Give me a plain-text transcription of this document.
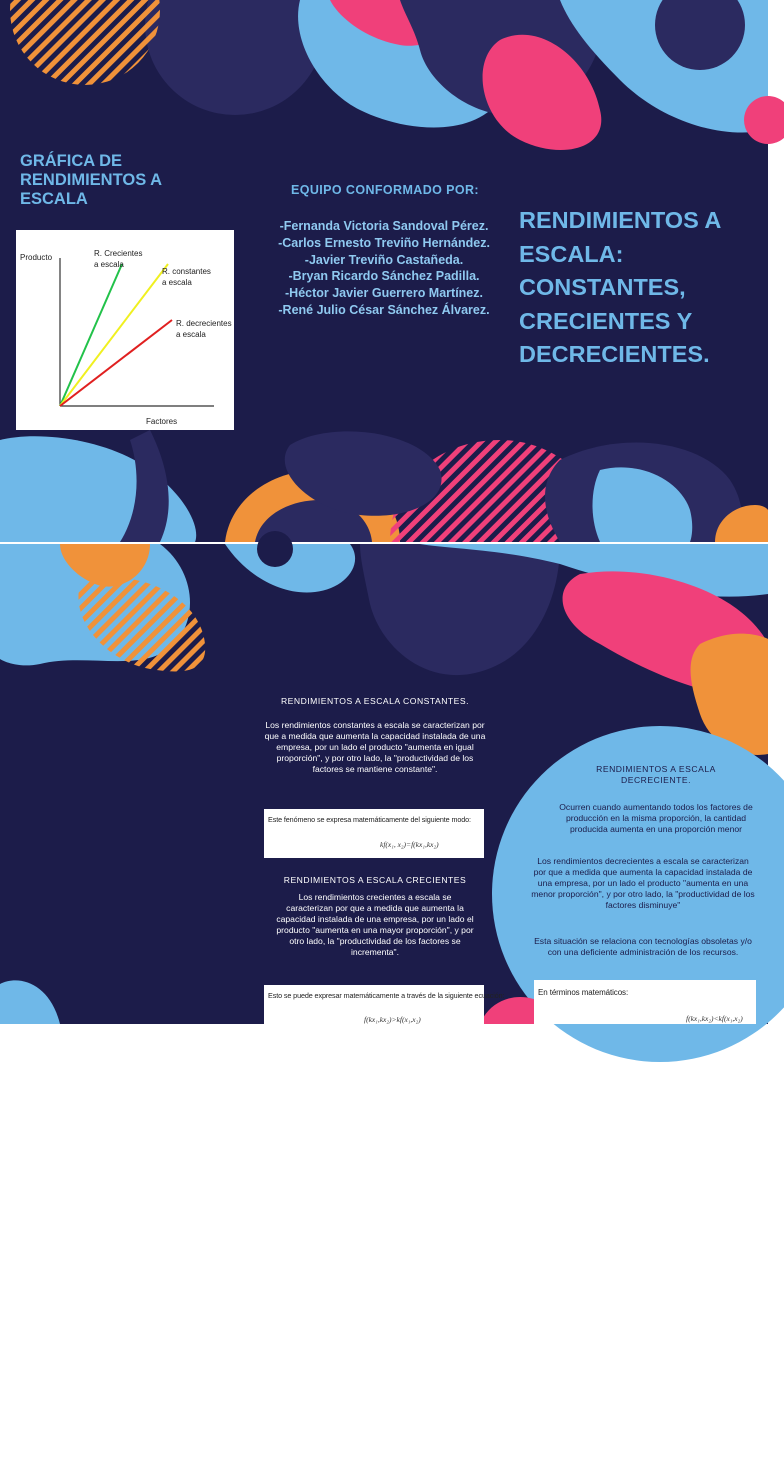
GRÁFICA DE RENDIMIENTOS A ESCALA
Producto
Factores
R. Crecientes
a escala
R. constantes
a escala
R. decrecientes
a escala
EQUIPO CONFORMADO POR:
-Fernanda Victoria Sandoval Pérez.
-Carlos Ernesto Treviño Hernández.
-Javier Treviño Castañeda.
-Bryan Ricardo Sánchez Padilla.
-Héctor Javier Guerrero Martínez.
-René Julio César Sánchez Álvarez.
RENDIMIENTOS A ESCALA: CONSTANTES, CRECIENTES Y DECRECIENTES.
LOS RENDIMIENTOS DE ESCALA EXPRESAN CÓMO VARÍA LA CANTIDAD PRODUCIDA POR UNA EMPRESA A MEDIDA QUE VARÍA EL USO DE TODOS LOS FACTORES QUE INTERVIENEN EN EL PROCESO DE PRODUCCIÓN EN LA MISMA PROPORCIÓN.
RENDIMIENTOS A ESCALA CONSTANTES.
Los rendimientos constantes a escala se caracterizan por que a medida que aumenta la capacidad instalada de una empresa, por un lado el producto "aumenta en igual proporción", y por otro lado, la "productividad de los factores se mantiene constante".
Este fenómeno se expresa matemáticamente del siguiente modo:
kf(x₁, x₂)=f(kx₁,kx₂)
RENDIMIENTOS A ESCALA CRECIENTES
Los rendimientos crecientes a escala se caracterizan por que a medida que aumenta la capacidad instalada de una empresa, por un lado el producto "aumenta en una mayor proporción", y por otro lado, la "productividad de los factores se incrementa".
Esto se puede expresar matemáticamente a través de la siguiente ecuación:
f(kx₁,kx₂)>kf(x₁,x₂)
RENDIMIENTOS A ESCALA DECRECIENTE.
Ocurren cuando aumentando todos los factores de producción en la misma proporción, la cantidad producida aumenta en una proporción menor
Los rendimientos decrecientes a escala se caracterizan por que a medida que aumenta la capacidad instalada de una empresa, por un lado el producto "aumenta en una menor proporción", y por otro lado, la "productividad de los factores disminuye"
Esta situación se relaciona con tecnologías obsoletas y/o con una deficiente administración de los recursos.
En términos matemáticos:
f(kx₁,kx₂)<kf(x₁,x₂)
